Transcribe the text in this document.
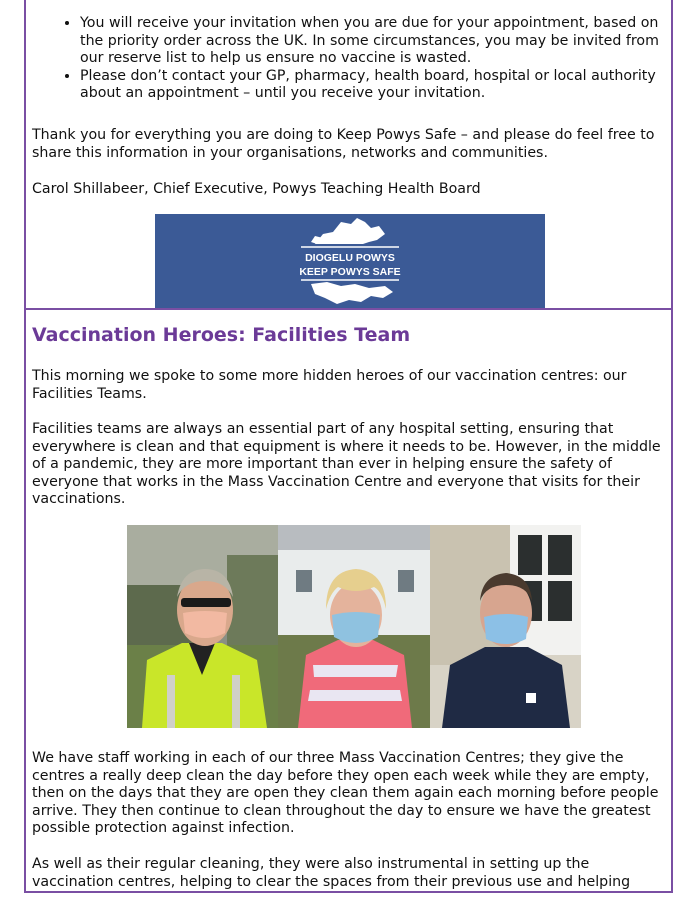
• You will receive your invitation when you are due for your appointment, based on the priority order across the UK. In some circumstances, you may be invited from our reserve list to help us ensure no vaccine is wasted.
• Please don’t contact your GP, pharmacy, health board, hospital or local authority about an appointment – until you receive your invitation.

Thank you for everything you are doing to Keep Powys Safe – and please do feel free to share this information in your organisations, networks and communities.

Carol Shillabeer, Chief Executive, Powys Teaching Health Board

DIOGELU POWYS
KEEP POWYS SAFE
Vaccination Heroes: Facilities Team

This morning we spoke to some more hidden heroes of our vaccination centres: our Facilities Teams.

Facilities teams are always an essential part of any hospital setting, ensuring that everywhere is clean and that equipment is where it needs to be. However, in the middle of a pandemic, they are more important than ever in helping ensure the safety of everyone that works in the Mass Vaccination Centre and everyone that visits for their vaccinations.

We have staff working in each of our three Mass Vaccination Centres; they give the centres a really deep clean the day before they open each week while they are empty, then on the days that they are open they clean them again each morning before people arrive. They then continue to clean throughout the day to ensure we have the greatest possible protection against infection.

As well as their regular cleaning, they were also instrumental in setting up the vaccination centres, helping to clear the spaces from their previous use and helping
